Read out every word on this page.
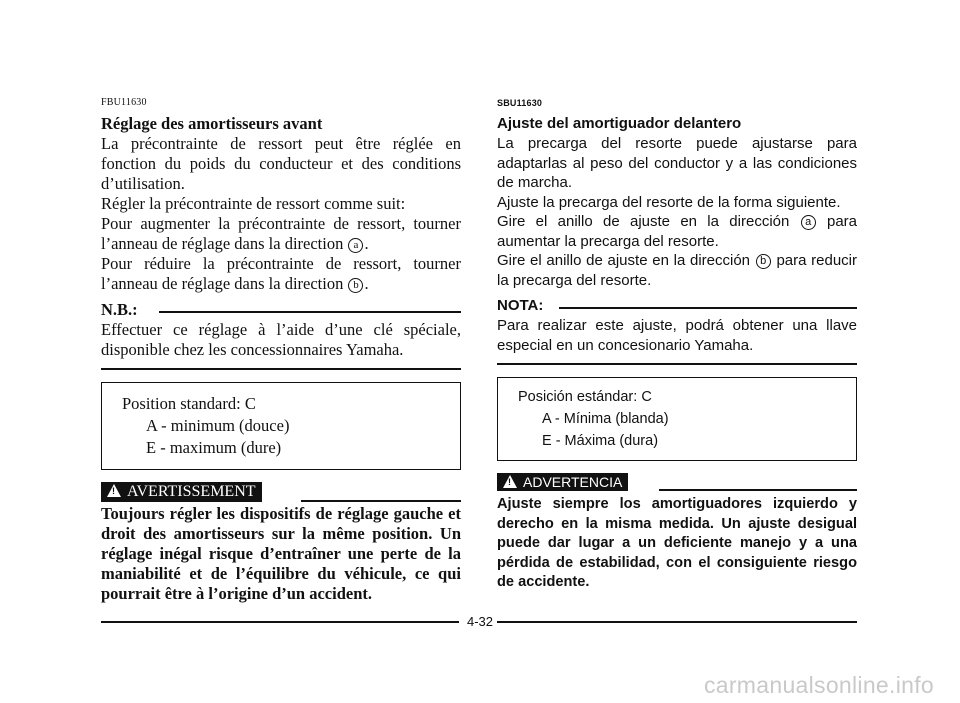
FBU11630
Réglage des amortisseurs avant
La précontrainte de ressort peut être réglée en fonction du poids du conducteur et des conditions d’utilisation.
Régler la précontrainte de ressort comme suit:
Pour augmenter la précontrainte de ressort, tourner l’anneau de réglage dans la direction a .
Pour réduire la précontrainte de ressort, tourner l’anneau de réglage dans la direction b .
N.B.:

Effectuer ce réglage à l’aide d’une clé spéciale, disponible chez les concessionnaires Yamaha.

Position standard: C
A - minimum (douce)
E - maximum (dure)
! AVERTISSEMENT

Toujours régler les dispositifs de réglage gauche et droit des amortisseurs sur la même position. Un réglage inégal risque d’entraîner une perte de la maniabilité et de l’équilibre du véhicule, ce qui pourrait être à l’origine d’un accident.

SBU11630
Ajuste del amortiguador delantero
La precarga del resorte puede ajustarse para adaptarlas al peso del conductor y a las condiciones de marcha.
Ajuste la precarga del resorte de la forma siguiente.
Gire el anillo de ajuste en la dirección a para aumentar la precarga del resorte.
Gire el anillo de ajuste en la dirección b para reducir la precarga del resorte.
NOTA:

Para realizar este ajuste, podrá obtener una llave especial en un concesionario Yamaha.

Posición estándar: C
A - Mínima (blanda)
E - Máxima (dura)
! ADVERTENCIA

Ajuste siempre los amortiguadores izquierdo y derecho en la misma medida. Un ajuste desigual puede dar lugar a un deficiente manejo y a una pérdida de estabilidad, con el consiguiente riesgo de accidente.

4-32
carmanualsonline.info
